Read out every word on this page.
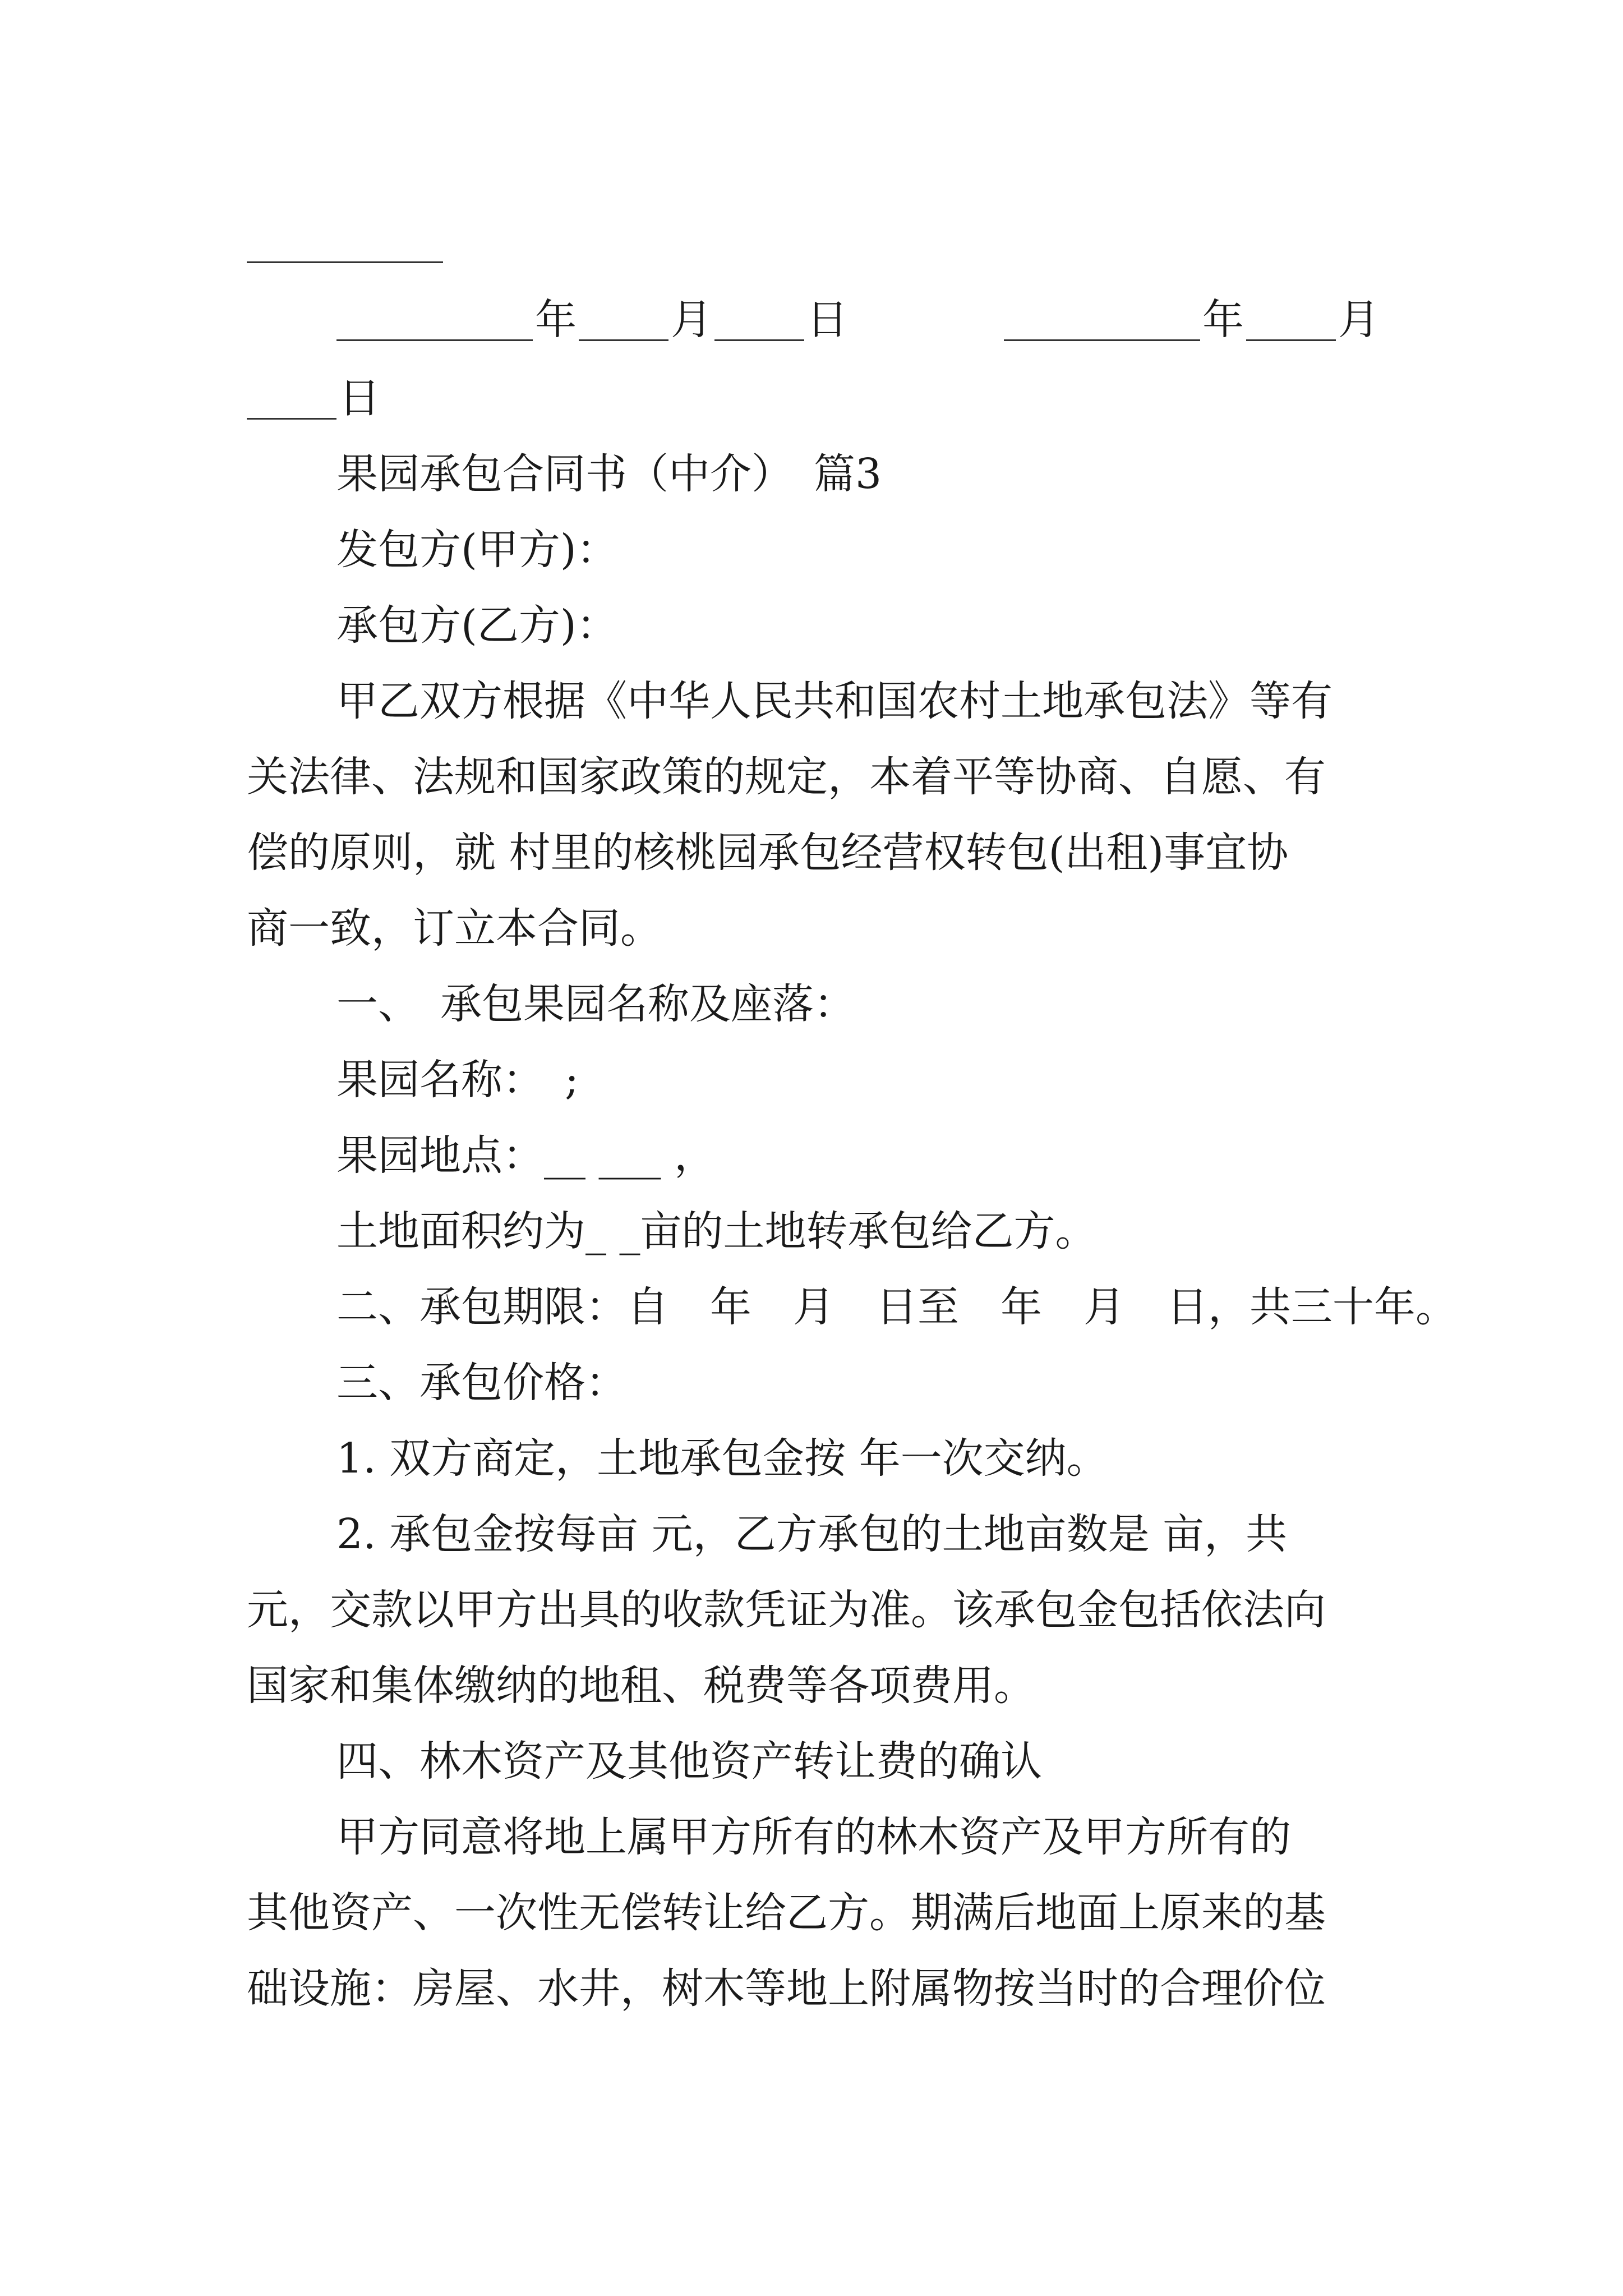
年 月 日	年 月
日
果园承包合同书（中介）　篇3
发包方(甲方)：
承包方(乙方)：
甲乙双方根据《中华人民共和国农村土地承包法》等有
关法律、法规和国家政策的规定，本着平等协商、自愿、有
偿的原则，就 村里的核桃园承包经营权转包(出租)事宜协
商一致，订立本合同。
一、　承包果园名称及座落：
果园名称：　;
果园地点：__ ___ ，
土地面积约为_ _亩的土地转承包给乙方。
二、承包期限：自　年　月　日至　年　月　日，共三十年。
三、承包价格：
1. 双方商定，土地承包金按 年一次交纳。
2. 承包金按每亩 元，乙方承包的土地亩数是 亩，共
元，交款以甲方出具的收款凭证为准。该承包金包括依法向
国家和集体缴纳的地租、税费等各项费用。
四、林木资产及其他资产转让费的确认
甲方同意将地上属甲方所有的林木资产及甲方所有的
其他资产、一次性无偿转让给乙方。期满后地面上原来的基
础设施：房屋、水井，树木等地上附属物按当时的合理价位
